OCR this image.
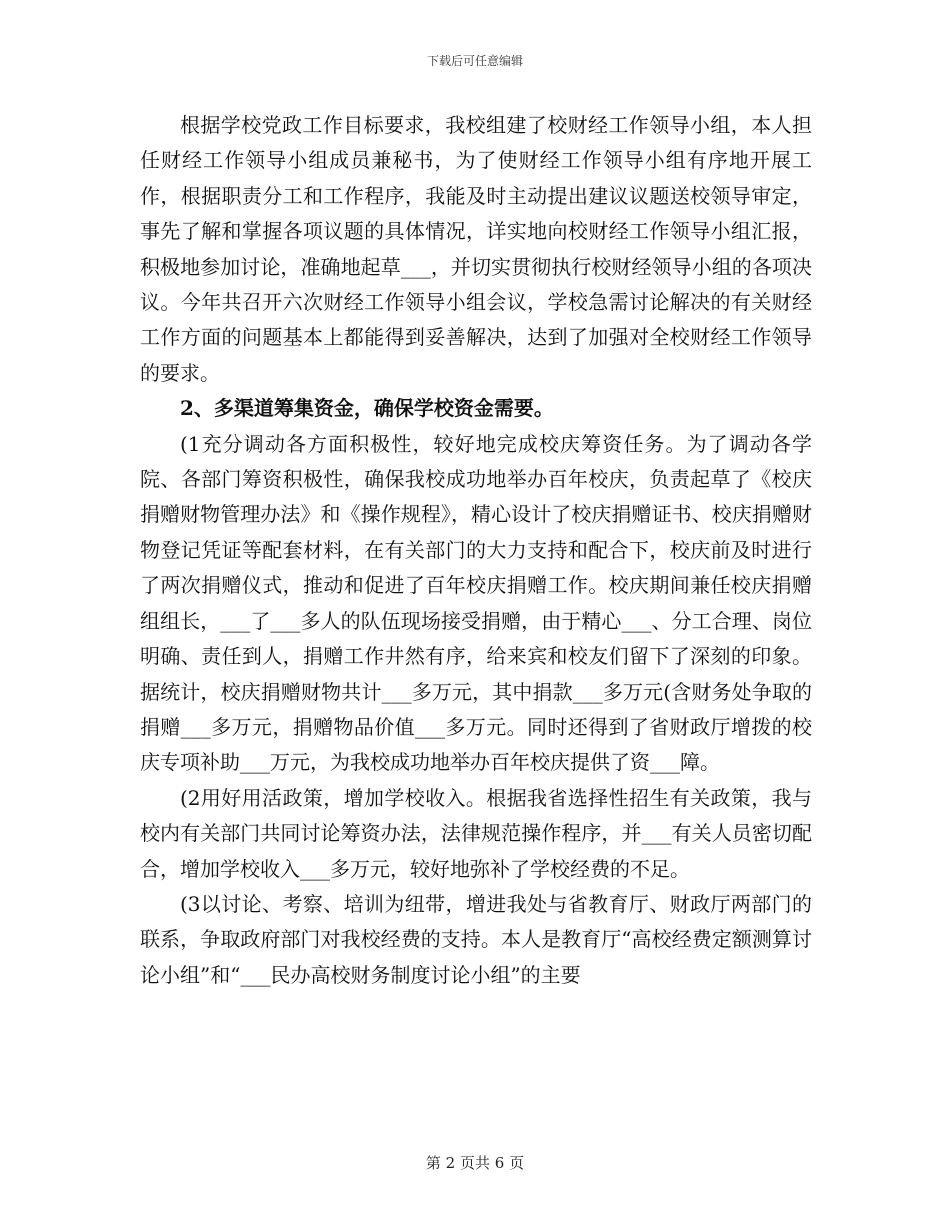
下载后可任意编辑

根据学校党政工作目标要求，我校组建了校财经工作领导小组，本人担任财经工作领导小组成员兼秘书，为了使财经工作领导小组有序地开展工作，根据职责分工和工作程序，我能及时主动提出建议议题送校领导审定，事先了解和掌握各项议题的具体情况，详实地向校财经工作领导小组汇报，积极地参加讨论，准确地起草___，并切实贯彻执行校财经领导小组的各项决议。今年共召开六次财经工作领导小组会议，学校急需讨论解决的有关财经工作方面的问题基本上都能得到妥善解决，达到了加强对全校财经工作领导的要求。

2、多渠道筹集资金，确保学校资金需要。

(1充分调动各方面积极性，较好地完成校庆筹资任务。为了调动各学院、各部门筹资积极性，确保我校成功地举办百年校庆，负责起草了《校庆捐赠财物管理办法》和《操作规程》，精心设计了校庆捐赠证书、校庆捐赠财物登记凭证等配套材料，在有关部门的大力支持和配合下，校庆前及时进行了两次捐赠仪式，推动和促进了百年校庆捐赠工作。校庆期间兼任校庆捐赠组组长，___了___多人的队伍现场接受捐赠，由于精心___、分工合理、岗位明确、责任到人，捐赠工作井然有序，给来宾和校友们留下了深刻的印象。据统计，校庆捐赠财物共计___多万元，其中捐款___多万元(含财务处争取的捐赠___多万元，捐赠物品价值___多万元。同时还得到了省财政厅增拨的校庆专项补助___万元，为我校成功地举办百年校庆提供了资___障。

(2用好用活政策，增加学校收入。根据我省选择性招生有关政策，我与校内有关部门共同讨论筹资办法，法律规范操作程序，并___有关人员密切配合，增加学校收入___多万元，较好地弥补了学校经费的不足。

(3以讨论、考察、培训为纽带，增进我处与省教育厅、财政厅两部门的联系，争取政府部门对我校经费的支持。本人是教育厅“高校经费定额测算讨论小组”和“___民办高校财务制度讨论小组”的主要

第 2 页共 6 页
